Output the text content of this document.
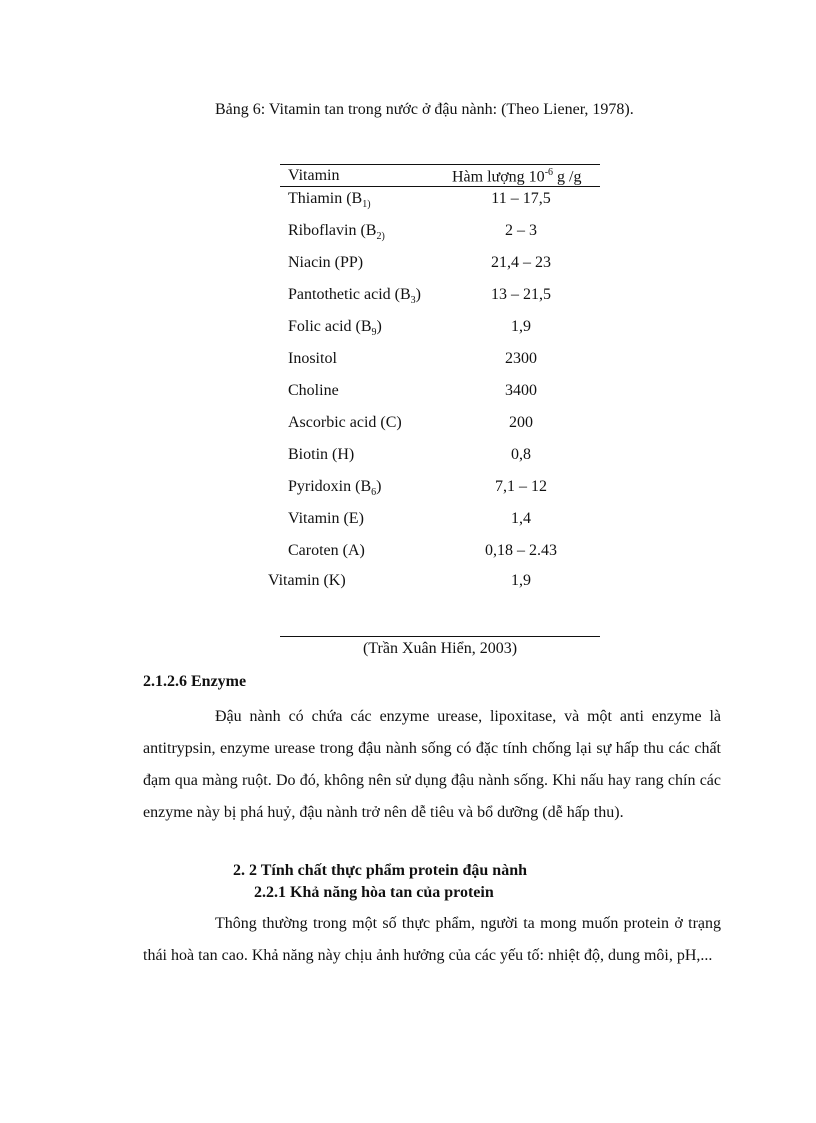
Bảng 6: Vitamin tan trong nước ở đậu nành: (Theo Liener, 1978).
Vitamin	Hàm lượng $10^{-6}$ g /g
Thiamin ($B_{1)}$	11 – 17,5
Riboflavin ($B_{2)}$	2 – 3
Niacin (PP)	21,4 – 23
Pantothetic acid $(B_3)$	13 – 21,5
Folic acid $(B_9)$	1,9
Inositol	2300
Choline	3400
Ascorbic acid (C)	200
Biotin (H)	0,8
Pyridoxin $(B_6)$	7,1 – 12
Vitamin (E)	1,4
Caroten (A)	0,18 – 2.43
Vitamin (K)	1,9
(Trần Xuân Hiển, 2003)
2.1.2.6 Enzyme

Đậu nành có chứa các enzyme urease, lipoxitase, và một anti enzyme là antitrypsin, enzyme urease trong đậu nành sống có đặc tính chống lại sự hấp thu các chất đạm qua màng ruột. Do đó, không nên sử dụng đậu nành sống. Khi nấu hay rang chín các enzyme này bị phá huỷ, đậu nành trở nên dễ tiêu và bổ dưỡng (dễ hấp thu).

2. 2 Tính chất thực phẩm protein đậu nành
2.2.1 Khả năng hòa tan của protein

Thông thường trong một số thực phẩm, người ta mong muốn protein ở trạng thái hoà tan cao. Khả năng này chịu ảnh hưởng của các yếu tố: nhiệt độ, dung môi, pH,...
